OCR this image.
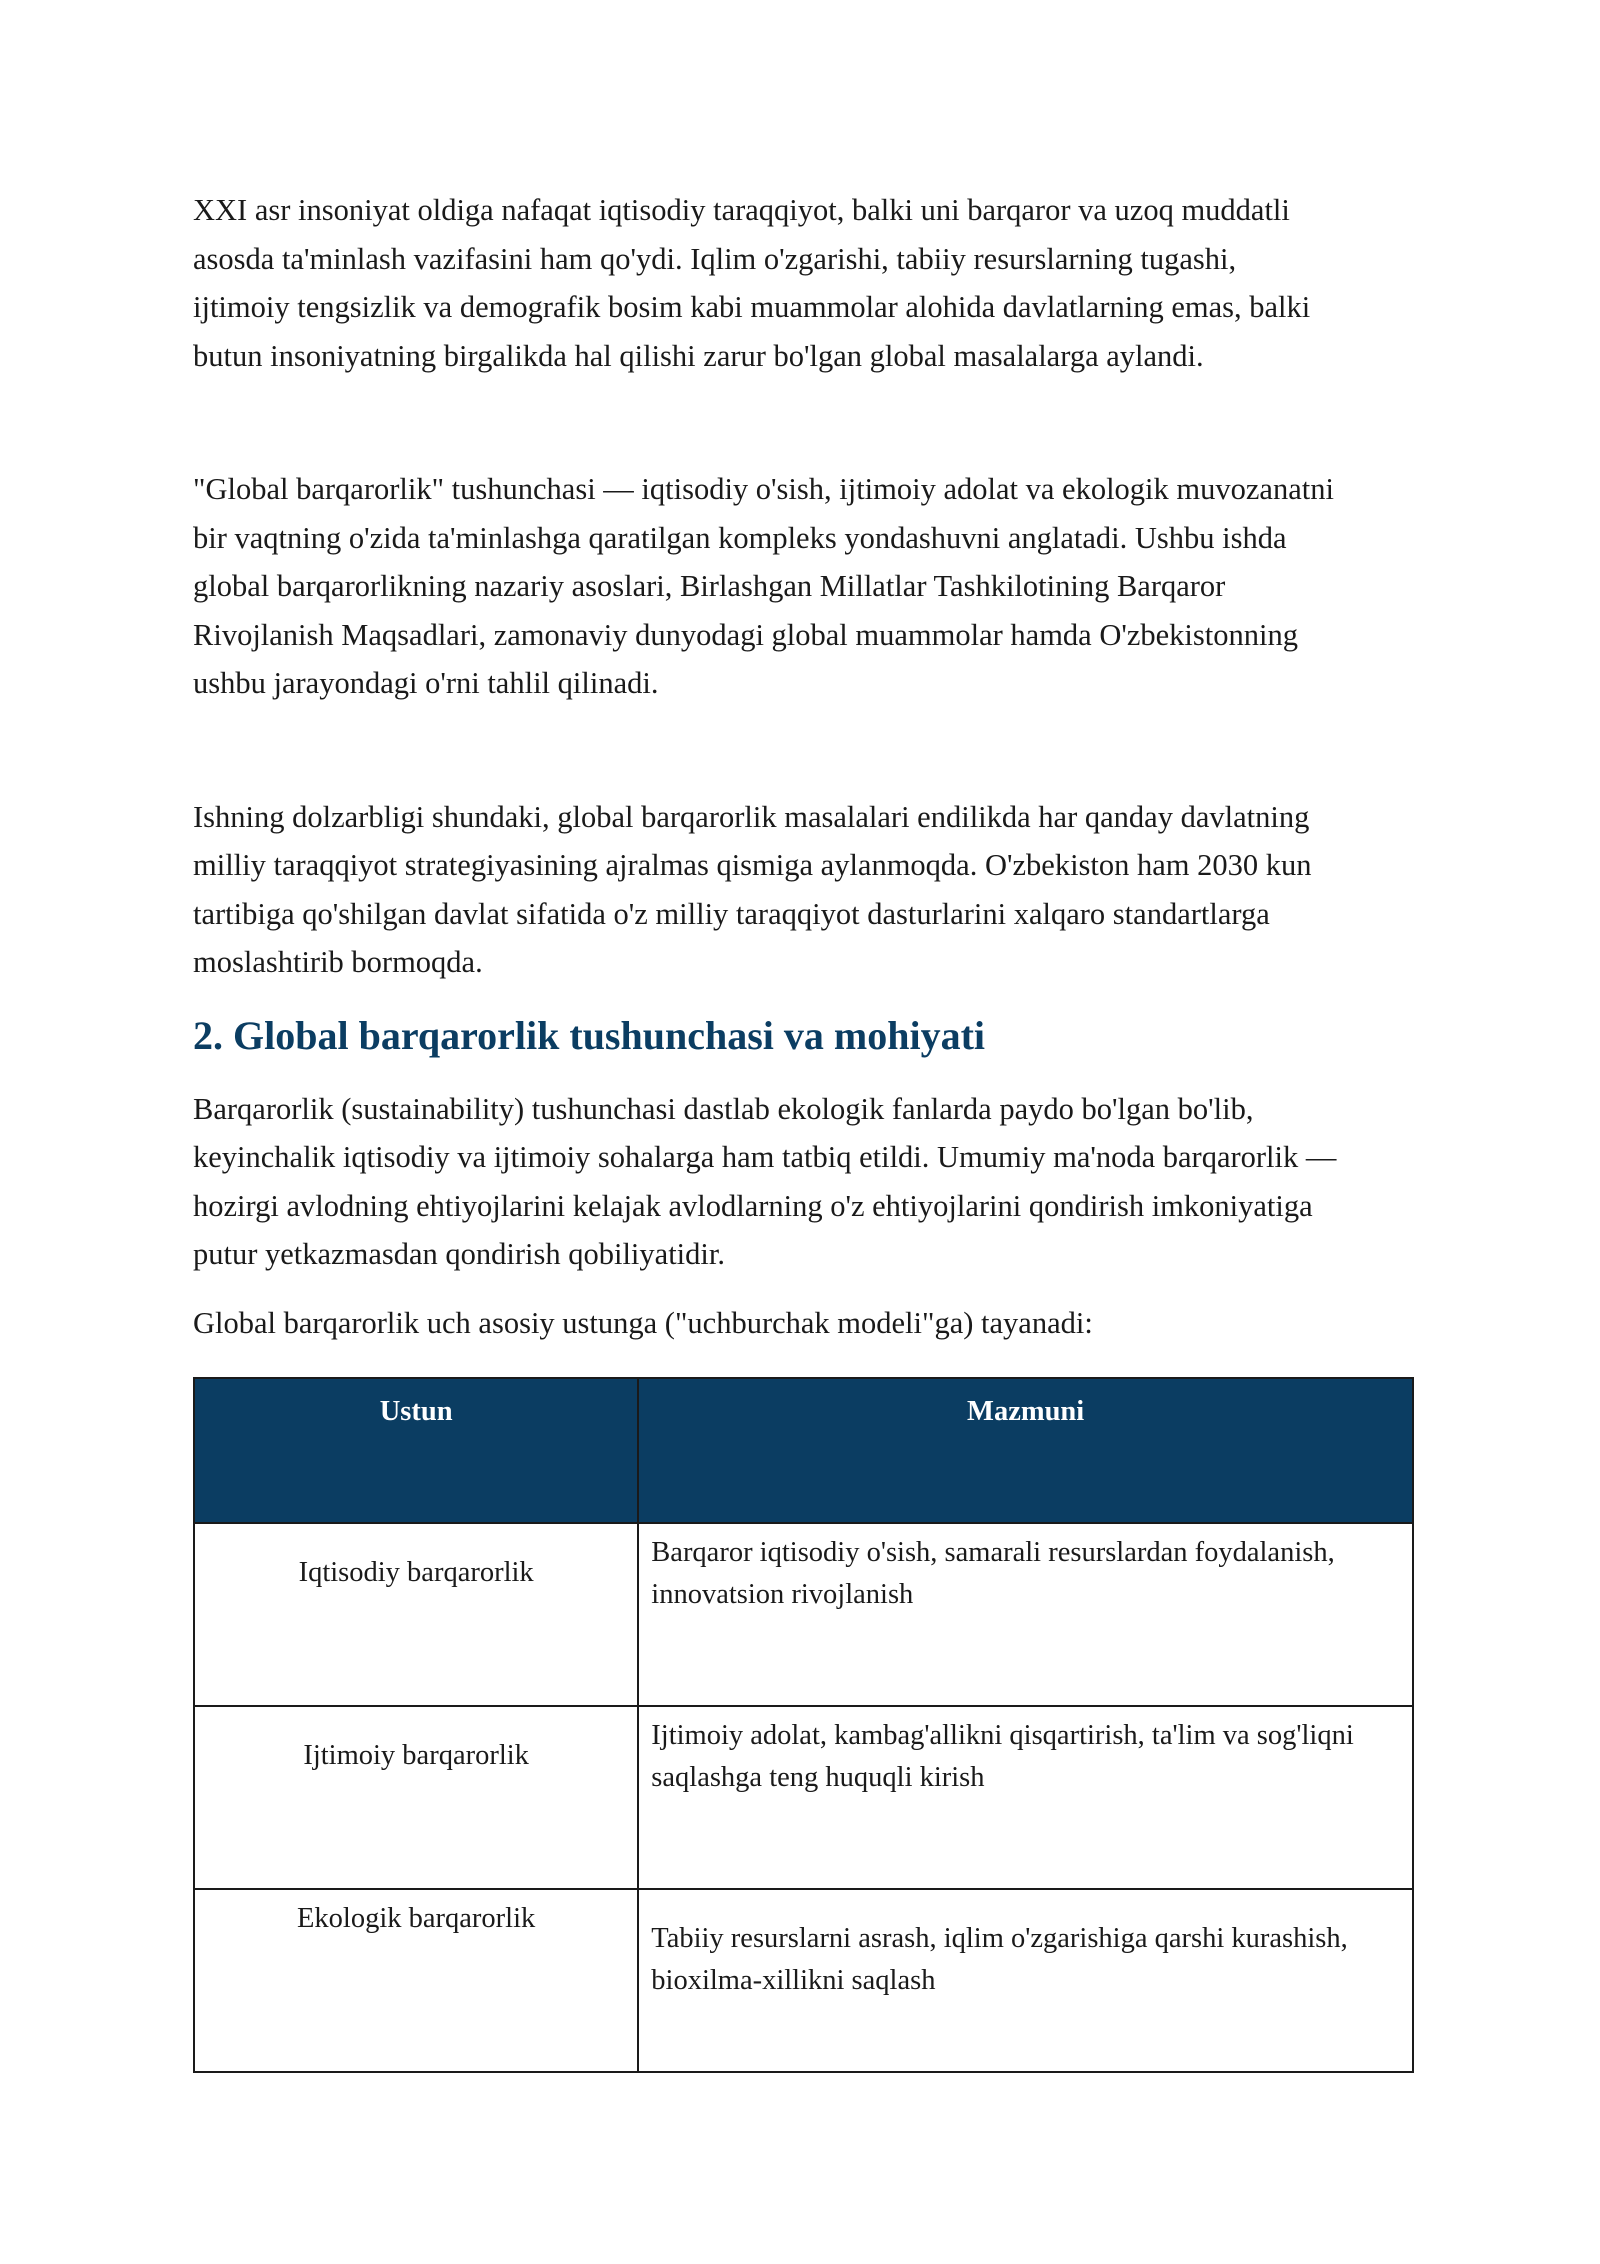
XXI asr insoniyat oldiga nafaqat iqtisodiy taraqqiyot, balki uni barqaror va uzoq muddatli
asosda ta'minlash vazifasini ham qo'ydi. Iqlim o'zgarishi, tabiiy resurslarning tugashi,
ijtimoiy tengsizlik va demografik bosim kabi muammolar alohida davlatlarning emas, balki
butun insoniyatning birgalikda hal qilishi zarur bo'lgan global masalalarga aylandi.

"Global barqarorlik" tushunchasi — iqtisodiy o'sish, ijtimoiy adolat va ekologik muvozanatni
bir vaqtning o'zida ta'minlashga qaratilgan kompleks yondashuvni anglatadi. Ushbu ishda
global barqarorlikning nazariy asoslari, Birlashgan Millatlar Tashkilotining Barqaror
Rivojlanish Maqsadlari, zamonaviy dunyodagi global muammolar hamda O'zbekistonning
ushbu jarayondagi o'rni tahlil qilinadi.

Ishning dolzarbligi shundaki, global barqarorlik masalalari endilikda har qanday davlatning
milliy taraqqiyot strategiyasining ajralmas qismiga aylanmoqda. O'zbekiston ham 2030 kun
tartibiga qo'shilgan davlat sifatida o'z milliy taraqqiyot dasturlarini xalqaro standartlarga
moslashtirib bormoqda.

2. Global barqarorlik tushunchasi va mohiyati

Barqarorlik (sustainability) tushunchasi dastlab ekologik fanlarda paydo bo'lgan bo'lib,
keyinchalik iqtisodiy va ijtimoiy sohalarga ham tatbiq etildi. Umumiy ma'noda barqarorlik —
hozirgi avlodning ehtiyojlarini kelajak avlodlarning o'z ehtiyojlarini qondirish imkoniyatiga
putur yetkazmasdan qondirish qobiliyatidir.

Global barqarorlik uch asosiy ustunga ("uchburchak modeli"ga) tayanadi:

Ustun	Mazmuni
Iqtisodiy barqarorlik	Barqaror iqtisodiy o'sish, samarali resurslardan foydalanish,
innovatsion rivojlanish
Ijtimoiy barqarorlik	Ijtimoiy adolat, kambag'allikni qisqartirish, ta'lim va sog'liqni
saqlashga teng huquqli kirish
Ekologik barqarorlik	Tabiiy resurslarni asrash, iqlim o'zgarishiga qarshi kurashish,
bioxilma-xillikni saqlash
